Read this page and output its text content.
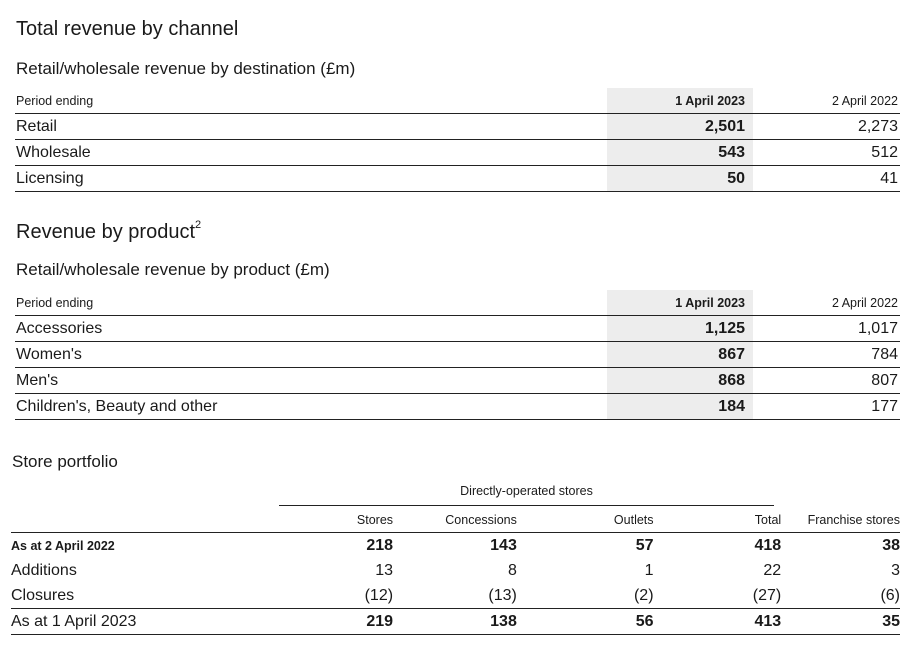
Total revenue by channel
Retail/wholesale revenue by destination (£m)
Period ending	1 April 2023	2 April 2022
Retail	2,501	2,273
Wholesale	543	512
Licensing	50	41
Revenue by product$^2$
Retail/wholesale revenue by product (£m)
Period ending	1 April 2023	2 April 2022
Accessories	1,125	1,017
Women's	867	784
Men's	868	807
Children's, Beauty and other	184	177
Store portfolio
Directly-operated stores
	Stores	Concessions	Outlets	Total	Franchise stores
As at 2 April 2022	218	143	57	418	38
Additions	13	8	1	22	3
Closures	(12)	(13)	(2)	(27)	(6)
As at 1 April 2023	219	138	56	413	35
